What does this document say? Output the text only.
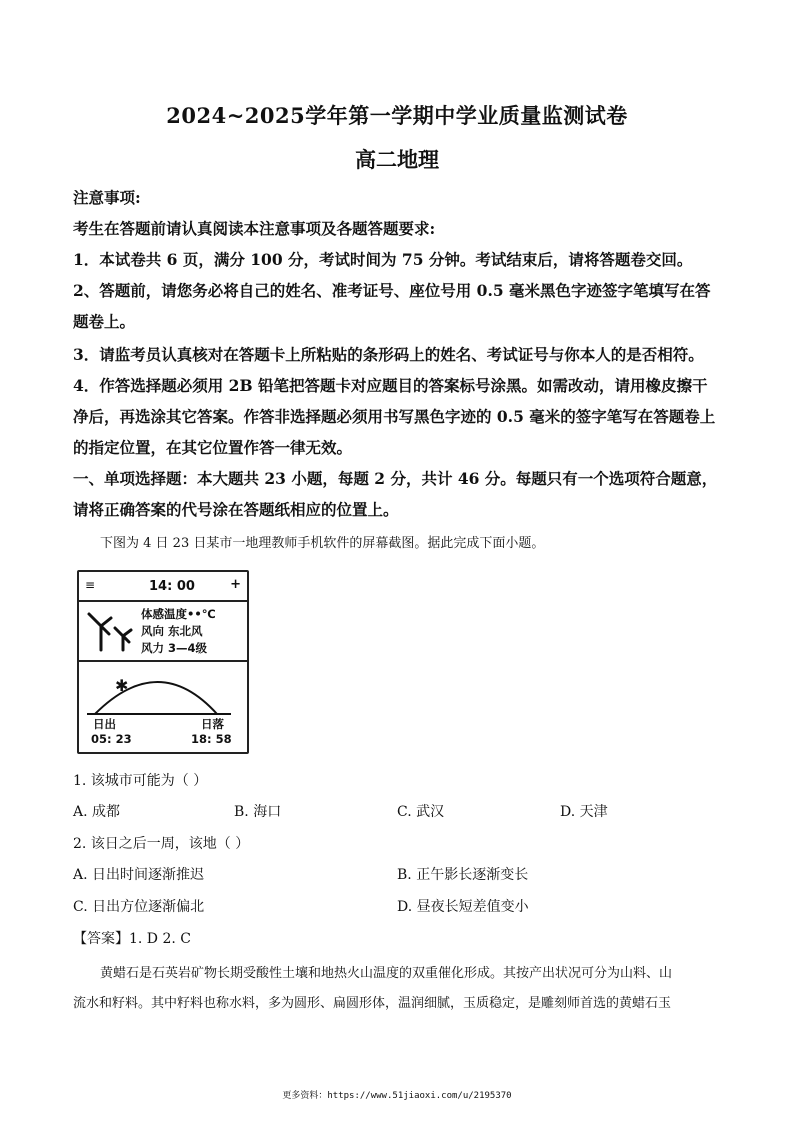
2024~2025学年第一学期中学业质量监测试卷
高二地理
注意事项:
考生在答题前请认真阅读本注意事项及各题答题要求:
1．本试卷共 6 页，满分 100 分，考试时间为 75 分钟。考试结束后，请将答题卷交回。
2、答题前，请您务必将自己的姓名、准考证号、座位号用 0.5 毫米黑色字迹签字笔填写在答
题卷上。
3．请监考员认真核对在答题卡上所粘贴的条形码上的姓名、考试证号与你本人的是否相符。
4．作答选择题必须用 2B 铅笔把答题卡对应题目的答案标号涂黑。如需改动，请用橡皮擦干
净后，再选涂其它答案。作答非选择题必须用书写黑色字迹的 0.5 毫米的签字笔写在答题卷上
的指定位置，在其它位置作答一律无效。
一、单项选择题：本大题共 23 小题，每题 2 分，共计 46 分。每题只有一个选项符合题意，
请将正确答案的代号涂在答题纸相应的位置上。
下图为 4 日 23 日某市一地理教师手机软件的屏幕截图。据此完成下面小题。
≡	14: 00	+
体感温度••℃
风向 东北风
风力 3—4级
✱
日出	日落
05: 23	18: 58
1. 该城市可能为（ ）
A. 成都	B. 海口	C. 武汉	D. 天津
2. 该日之后一周，该地（ ）
A. 日出时间逐渐推迟	B. 正午影长逐渐变长
C. 日出方位逐渐偏北	D. 昼夜长短差值变小
【答案】1. D 2. C
黄蜡石是石英岩矿物长期受酸性土壤和地热火山温度的双重催化形成。其按产出状况可分为山料、山
流水和籽料。其中籽料也称水料，多为圆形、扁圆形体，温润细腻，玉质稳定，是雕刻师首选的黄蜡石玉
更多资料：https://www.51jiaoxi.com/u/2195370
